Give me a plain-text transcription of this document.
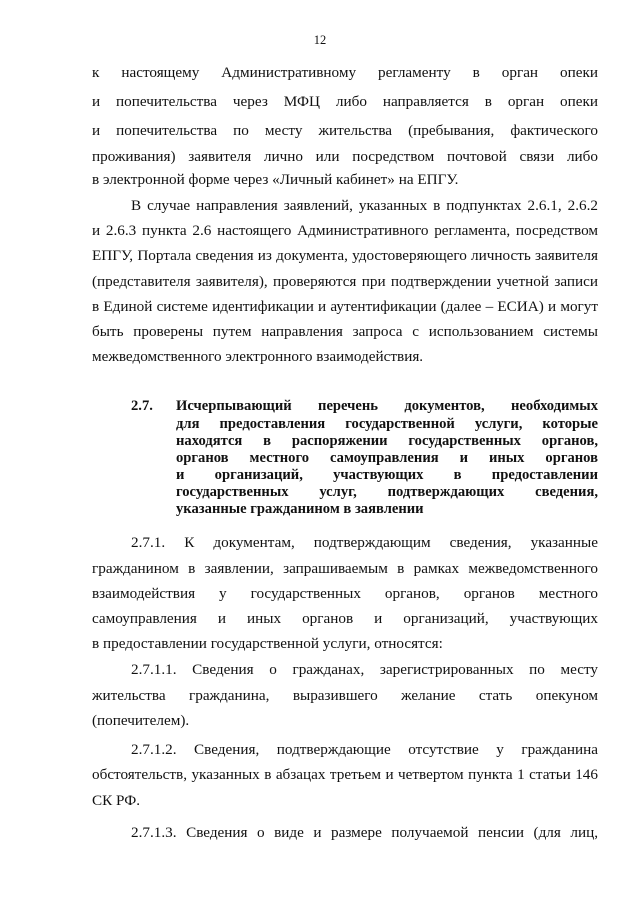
12
к настоящему Административному регламенту в орган опеки
и попечительства через МФЦ либо направляется в орган опеки
и попечительства по месту жительства (пребывания, фактического
проживания) заявителя лично или посредством почтовой связи либо
в электронной форме через «Личный кабинет» на ЕПГУ.
В случае направления заявлений, указанных в подпунктах 2.6.1, 2.6.2
и 2.6.3 пункта 2.6 настоящего Административного регламента, посредством
ЕПГУ, Портала сведения из документа, удостоверяющего личность заявителя
(представителя заявителя), проверяются при подтверждении учетной записи
в Единой системе идентификации и аутентификации (далее – ЕСИА) и могут
быть проверены путем направления запроса с использованием системы
межведомственного электронного взаимодействия.
2.7.1. К документам, подтверждающим сведения, указанные
гражданином в заявлении, запрашиваемым в рамках межведомственного
взаимодействия у государственных органов, органов местного
самоуправления и иных органов и организаций, участвующих
в предоставлении государственной услуги, относятся:
2.7.1.1. Сведения о гражданах, зарегистрированных по месту
жительства гражданина, выразившего желание стать опекуном
(попечителем).
2.7.1.2. Сведения, подтверждающие отсутствие у гражданина
обстоятельств, указанных в абзацах третьем и четвертом пункта 1 статьи 146
СК РФ.
2.7.1.3. Сведения о виде и размере получаемой пенсии (для лиц,
2.7. Исчерпывающий перечень документов, необходимых
для предоставления государственной услуги, которые
находятся в распоряжении государственных органов,
органов местного самоуправления и иных органов
и организаций, участвующих в предоставлении
государственных услуг, подтверждающих сведения,
указанные гражданином в заявлении
